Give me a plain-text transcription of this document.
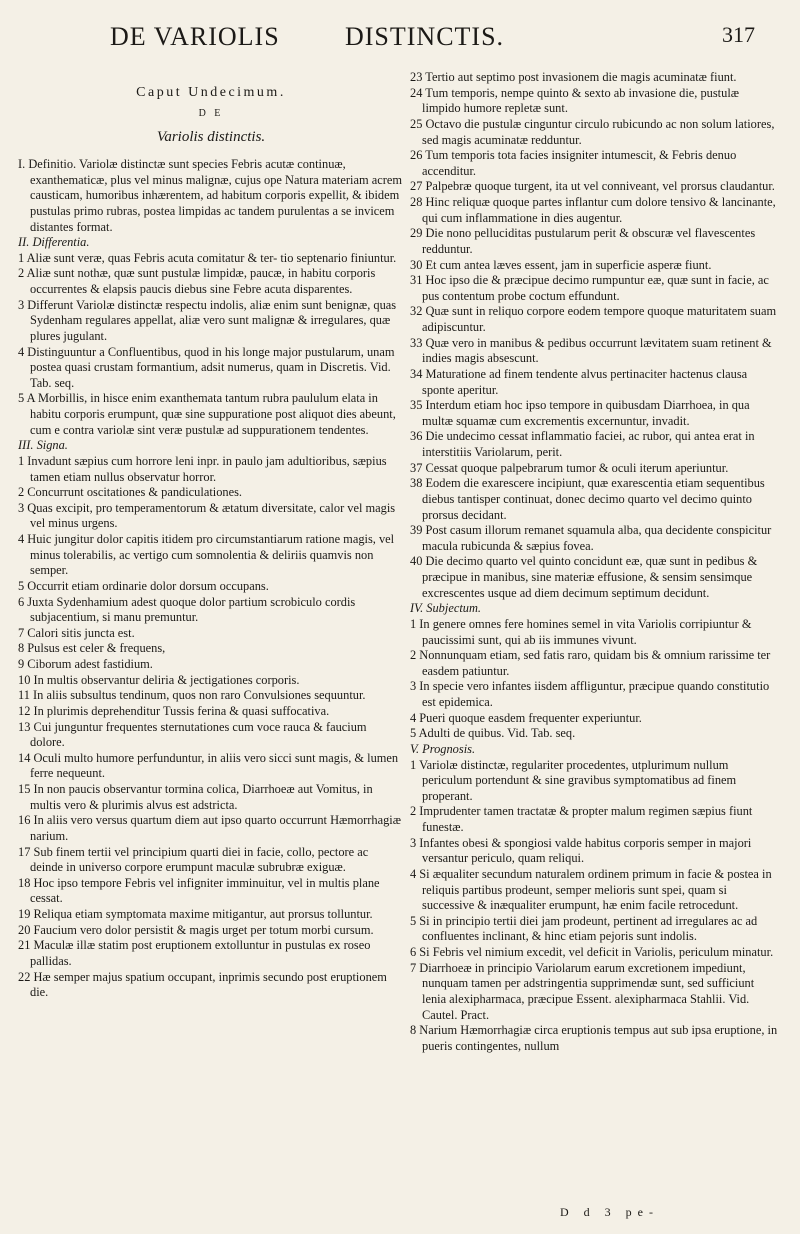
DE VARIOLIS	DISTINCTIS.	317
Caput Undecimum.
D E
Variolis distinctis.

I. Definitio. Variolæ distinctæ sunt species Febris acutæ continuæ, exanthematicæ, plus vel minus malignæ, cujus ope Natura materiam acrem causticam, humoribus inhærentem, ad habitum corporis expellit, & ibidem pustulas primo rubras, postea limpidas ac tandem purulentas a se invicem distantes format.

II. Differentia.

1 Aliæ sunt veræ, quas Febris acuta comitatur & ter- tio septenario finiuntur.

2 Aliæ sunt nothæ, quæ sunt pustulæ limpidæ, paucæ, in habitu corporis occurrentes & elapsis paucis diebus sine Febre acuta disparentes.

3 Differunt Variolæ distinctæ respectu indolis, aliæ enim sunt benignæ, quas Sydenham regulares appellat, aliæ vero sunt malignæ & irregulares, quæ plures jugulant.

4 Distinguuntur a Confluentibus, quod in his longe major pustularum, unam postea quasi crustam formantium, adsit numerus, quam in Discretis. Vid. Tab. seq.

5 A Morbillis, in hisce enim exanthemata tantum rubra paululum elata in habitu corporis erumpunt, quæ sine suppuratione post aliquot dies abeunt, cum e contra variolæ sint veræ pustulæ ad suppurationem tendentes.

III. Signa.

1 Invadunt sæpius cum horrore leni inpr. in paulo jam adultioribus, sæpius tamen etiam nullus observatur horror.

2 Concurrunt oscitationes & pandiculationes.

3 Quas excipit, pro temperamentorum & ætatum diversitate, calor vel magis vel minus urgens.

4 Huic jungitur dolor capitis itidem pro circumstantiarum ratione magis, vel minus tolerabilis, ac vertigo cum somnolentia & deliriis quamvis non semper.

5 Occurrit etiam ordinarie dolor dorsum occupans.

6 Juxta Sydenhamium adest quoque dolor partium scrobiculo cordis subjacentium, si manu premuntur.

7 Calori sitis juncta est.

8 Pulsus est celer & frequens,

9 Ciborum adest fastidium.

10 In multis observantur deliria & jectigationes corporis.

11 In aliis subsultus tendinum, quos non raro Convulsiones sequuntur.

12 In plurimis deprehenditur Tussis ferina & quasi suffocativa.

13 Cui junguntur frequentes sternutationes cum voce rauca & faucium dolore.

14 Oculi multo humore perfunduntur, in aliis vero sicci sunt magis, & lumen ferre nequeunt.

15 In non paucis observantur tormina colica, Diarrhoeæ aut Vomitus, in multis vero & plurimis alvus est adstricta.

16 In aliis vero versus quartum diem aut ipso quarto occurrunt Hæmorrhagiæ narium.

17 Sub finem tertii vel principium quarti diei in facie, collo, pectore ac deinde in universo corpore erumpunt maculæ subrubræ exiguæ.

18 Hoc ipso tempore Febris vel infigniter imminuitur, vel in multis plane cessat.

19 Reliqua etiam symptomata maxime mitigantur, aut prorsus tolluntur.

20 Faucium vero dolor persistit & magis urget per totum morbi cursum.

21 Maculæ illæ statim post eruptionem extolluntur in pustulas ex roseo pallidas.

22 Hæ semper majus spatium occupant, inprimis secundo post eruptionem die.

23 Tertio aut septimo post invasionem die magis acuminatæ fiunt.

24 Tum temporis, nempe quinto & sexto ab invasione die, pustulæ limpido humore repletæ sunt.

25 Octavo die pustulæ cinguntur circulo rubicundo ac non solum latiores, sed magis acuminatæ redduntur.

26 Tum temporis tota facies insigniter intumescit, & Febris denuo accenditur.

27 Palpebræ quoque turgent, ita ut vel conniveant, vel prorsus claudantur.

28 Hinc reliquæ quoque partes inflantur cum dolore tensivo & lancinante, qui cum inflammatione in dies augentur.

29 Die nono pelluciditas pustularum perit & obscuræ vel flavescentes redduntur.

30 Et cum antea læves essent, jam in superficie asperæ fiunt.

31 Hoc ipso die & præcipue decimo rumpuntur eæ, quæ sunt in facie, ac pus contentum probe coctum effundunt.

32 Quæ sunt in reliquo corpore eodem tempore quoque maturitatem suam adipiscuntur.

33 Quæ vero in manibus & pedibus occurrunt lævitatem suam retinent & indies magis absescunt.

34 Maturatione ad finem tendente alvus pertinaciter hactenus clausa sponte aperitur.

35 Interdum etiam hoc ipso tempore in quibusdam Diarrhoea, in qua multæ squamæ cum excrementis excernuntur, invadit.

36 Die undecimo cessat inflammatio faciei, ac rubor, qui antea erat in interstitiis Variolarum, perit.

37 Cessat quoque palpebrarum tumor & oculi iterum aperiuntur.

38 Eodem die exarescere incipiunt, quæ exarescentia etiam sequentibus diebus tantisper continuat, donec decimo quarto vel decimo quinto prorsus decidant.

39 Post casum illorum remanet squamula alba, qua decidente conspicitur macula rubicunda & sæpius fovea.

40 Die decimo quarto vel quinto concidunt eæ, quæ sunt in pedibus & præcipue in manibus, sine materiæ effusione, & sensim sensimque excrescentes usque ad diem decimum septimum decidunt.

IV. Subjectum.

1 In genere omnes fere homines semel in vita Variolis corripiuntur & paucissimi sunt, qui ab iis immunes vivunt.

2 Nonnunquam etiam, sed fatis raro, quidam bis & omnium rarissime ter easdem patiuntur.

3 In specie vero infantes iisdem affliguntur, præcipue quando constitutio est epidemica.

4 Pueri quoque easdem frequenter experiuntur.

5 Adulti de quibus. Vid. Tab. seq.

V. Prognosis.

1 Variolæ distinctæ, regulariter procedentes, utplurimum nullum periculum portendunt & sine gravibus symptomatibus ad finem properant.

2 Imprudenter tamen tractatæ & propter malum regimen sæpius fiunt funestæ.

3 Infantes obesi & spongiosi valde habitus corporis semper in majori versantur periculo, quam reliqui.

4 Si æqualiter secundum naturalem ordinem primum in facie & postea in reliquis partibus prodeunt, semper melioris sunt spei, quam si successive & inæqualiter erumpunt, hæ enim facile retrocedunt.

5 Si in principio tertii diei jam prodeunt, pertinent ad irregulares ac ad confluentes inclinant, & hinc etiam pejoris sunt indolis.

6 Si Febris vel nimium excedit, vel deficit in Variolis, periculum minatur.

7 Diarrhoeæ in principio Variolarum earum excretionem impediunt, nunquam tamen per adstringentia supprimendæ sunt, sed sufficiunt lenia alexipharmaca, præcipue Essent. alexipharmaca Stahlii. Vid. Cautel. Pract.

8 Narium Hæmorrhagiæ circa eruptionis tempus aut sub ipsa eruptione, in pueris contingentes, nullum

D d 3 pe-
